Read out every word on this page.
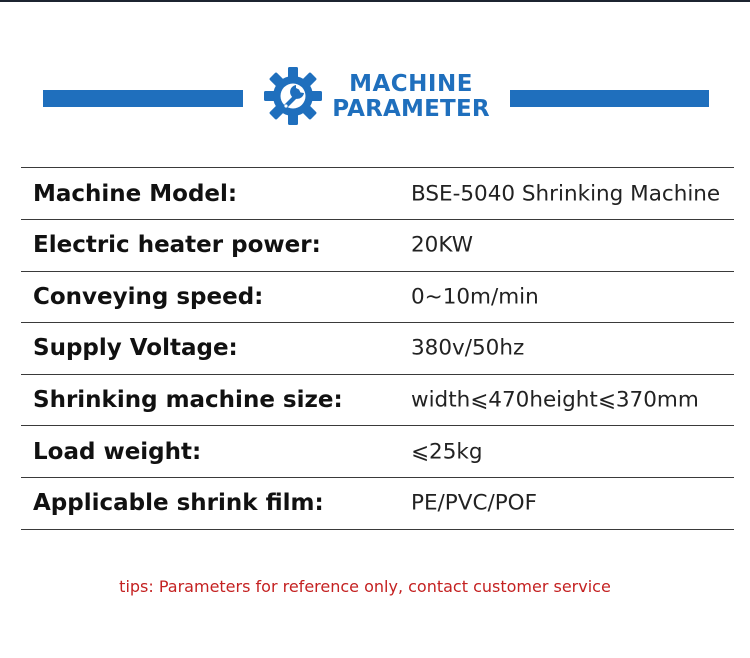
MACHINE
PARAMETER
Machine Model:	BSE-5040 Shrinking Machine
Electric heater power:	20KW
Conveying speed:	0~10m/min
Supply Voltage:	380v/50hz
Shrinking machine size:	width⩽470height⩽370mm
Load weight:	⩽25kg
Applicable shrink film:	PE/PVC/POF
tips: Parameters for reference only, contact customer service
